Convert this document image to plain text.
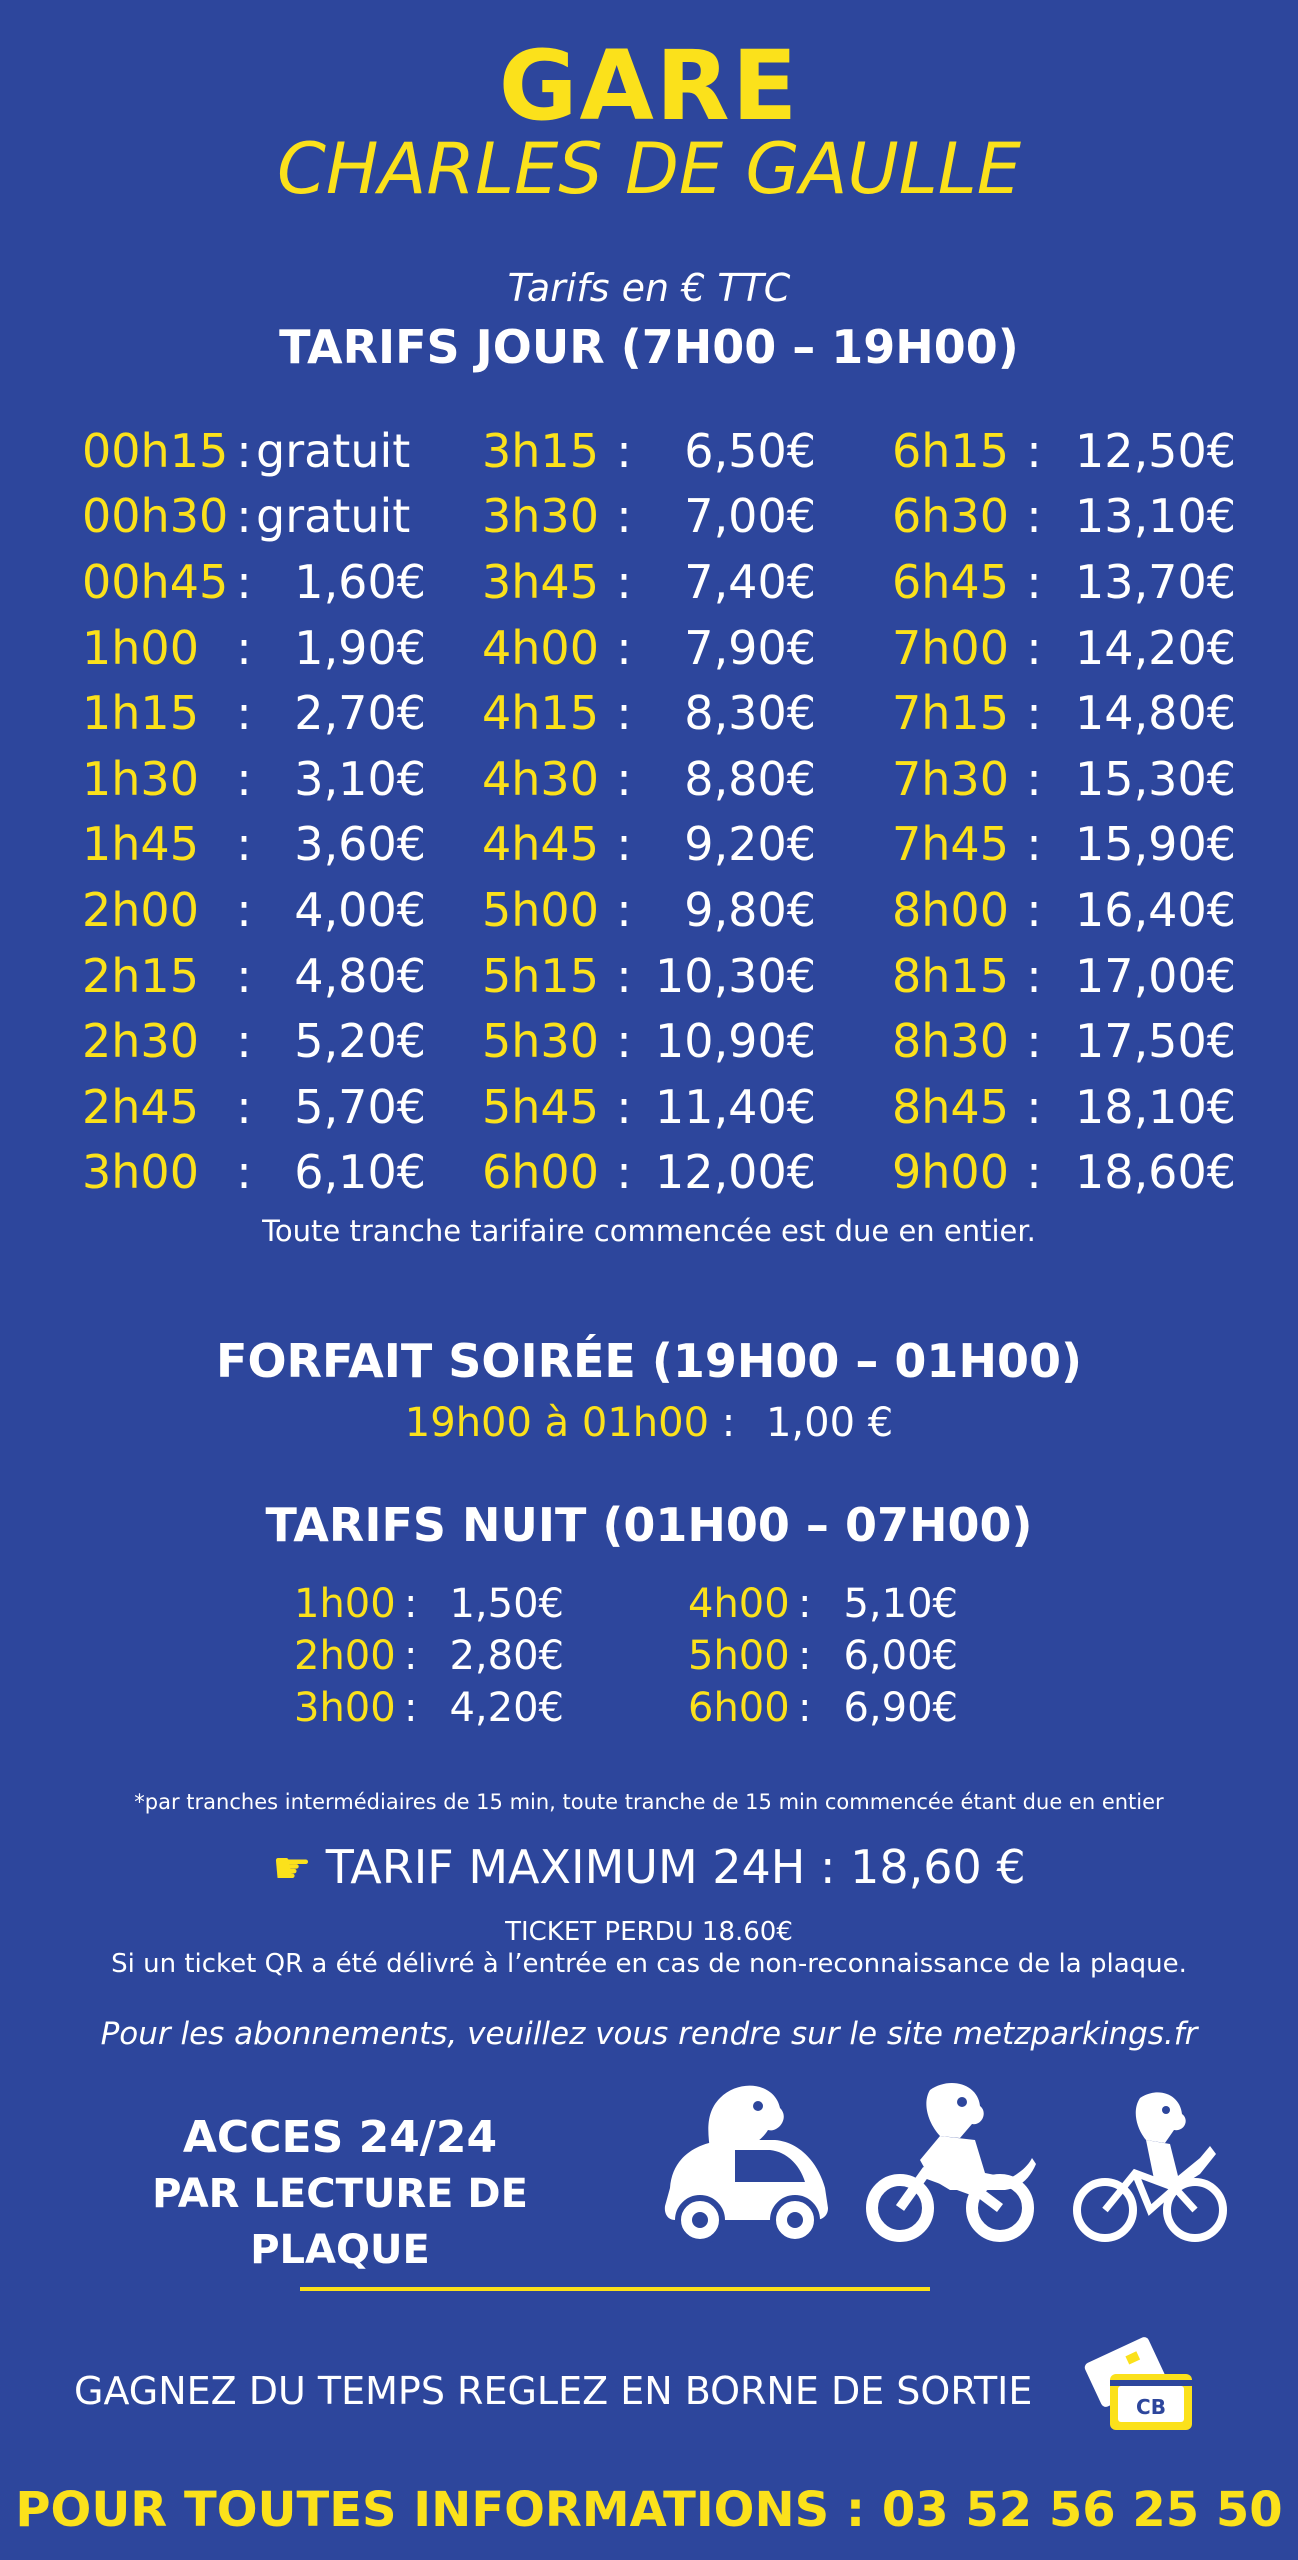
GARE
CHARLES DE GAULLE
Tarifs en € TTC
TARIFS JOUR (7H00 – 19H00)
00h15 : gratuit
00h30 : gratuit
00h45 : 1,60€
1h00 : 1,90€
1h15 : 2,70€
1h30 : 3,10€
1h45 : 3,60€
2h00 : 4,00€
2h15 : 4,80€
2h30 : 5,20€
2h45 : 5,70€
3h00 : 6,10€
3h15 :	6,50€
3h30 :	7,00€
3h45 :	7,40€
4h00 :	7,90€
4h15 :	8,30€
4h30 :	8,80€
4h45 :	9,20€
5h00 :	9,80€
5h15 : 10,30€
5h30 : 10,90€
5h45 : 11,40€
6h00 : 12,00€
6h15 : 12,50€
6h30 : 13,10€
6h45 : 13,70€
7h00 : 14,20€
7h15 : 14,80€
7h30 : 15,30€
7h45 : 15,90€
8h00 : 16,40€
8h15 : 17,00€
8h30 : 17,50€
8h45 : 18,10€
9h00 : 18,60€
Toute tranche tarifaire commencée est due en entier.
FORFAIT SOIRÉE (19H00 – 01H00)
19h00 à 01h00 : 1,00 €
TARIFS NUIT (01H00 – 07H00)
1h00 : 1,50€
2h00 : 2,80€
3h00 : 4,20€
4h00 : 5,10€
5h00 : 6,00€
6h00 : 6,90€
*par tranches intermédiaires de 15 min, toute tranche de 15 min commencée étant due en entier
☛ TARIF MAXIMUM 24H : 18,60 €
TICKET PERDU 18.60€
Si un ticket QR a été délivré à l’entrée en cas de non-reconnaissance de la plaque.
Pour les abonnements, veuillez vous rendre sur le site metzparkings.fr
ACCES 24/24
PAR LECTURE DE PLAQUE
GAGNEZ DU TEMPS REGLEZ EN BORNE DE SORTIE	CB
POUR TOUTES INFORMATIONS : 03 52 56 25 50
